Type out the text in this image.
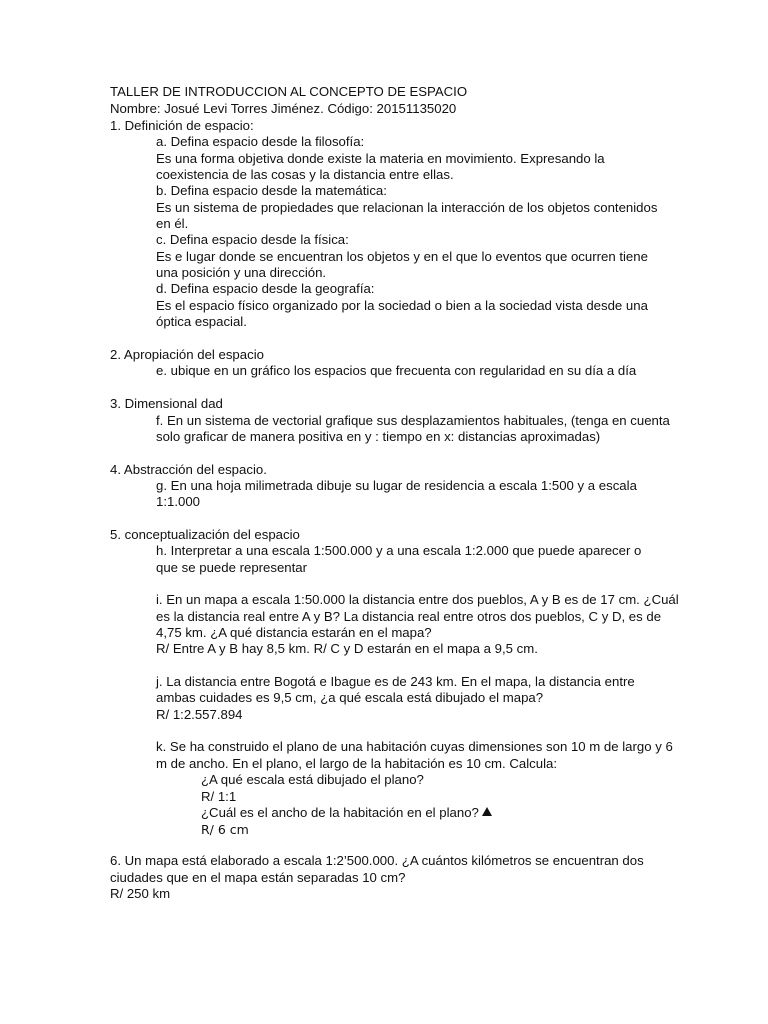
TALLER DE INTRODUCCION AL CONCEPTO DE ESPACIO
Nombre: Josué Levi Torres Jiménez. Código: 20151135020
1. Definición de espacio:
a. Defina espacio desde la filosofía:
Es una forma objetiva donde existe la materia en movimiento. Expresando la
coexistencia de las cosas y la distancia entre ellas.
b. Defina espacio desde la matemática:
Es un sistema de propiedades que relacionan la interacción de los objetos contenidos
en él.
c. Defina espacio desde la física:
Es e lugar donde se encuentran los objetos y en el que lo eventos que ocurren tiene
una posición y una dirección.
d. Defina espacio desde la geografía:
Es el espacio físico organizado por la sociedad o bien a la sociedad vista desde una
óptica espacial.
2. Apropiación del espacio
e. ubique en un gráfico los espacios que frecuenta con regularidad en su día a día
3. Dimensional dad
f. En un sistema de vectorial grafique sus desplazamientos habituales, (tenga en cuenta
solo graficar de manera positiva en y : tiempo en x: distancias aproximadas)
4. Abstracción del espacio.
g. En una hoja milimetrada dibuje su lugar de residencia a escala 1:500 y a escala
1:1.000
5. conceptualización del espacio
h. Interpretar a una escala 1:500.000 y a una escala 1:2.000 que puede aparecer o
que se puede representar
i. En un mapa a escala 1:50.000 la distancia entre dos pueblos, A y B es de 17 cm. ¿Cuál
es la distancia real entre A y B? La distancia real entre otros dos pueblos, C y D, es de
4,75 km. ¿A qué distancia estarán en el mapa?
R/ Entre A y B hay 8,5 km. R/ C y D estarán en el mapa a 9,5 cm.
j. La distancia entre Bogotá e Ibague es de 243 km. En el mapa, la distancia entre
ambas cuidades es 9,5 cm, ¿a qué escala está dibujado el mapa?
R/ 1:2.557.894
k. Se ha construido el plano de una habitación cuyas dimensiones son 10 m de largo y 6
m de ancho. En el plano, el largo de la habitación es 10 cm. Calcula:
¿A qué escala está dibujado el plano?
R/ 1:1
¿Cuál es el ancho de la habitación en el plano?
R/ 6 cm
6. Un mapa está elaborado a escala 1:2’500.000. ¿A cuántos kilómetros se encuentran dos
ciudades que en el mapa están separadas 10 cm?
R/ 250 km
